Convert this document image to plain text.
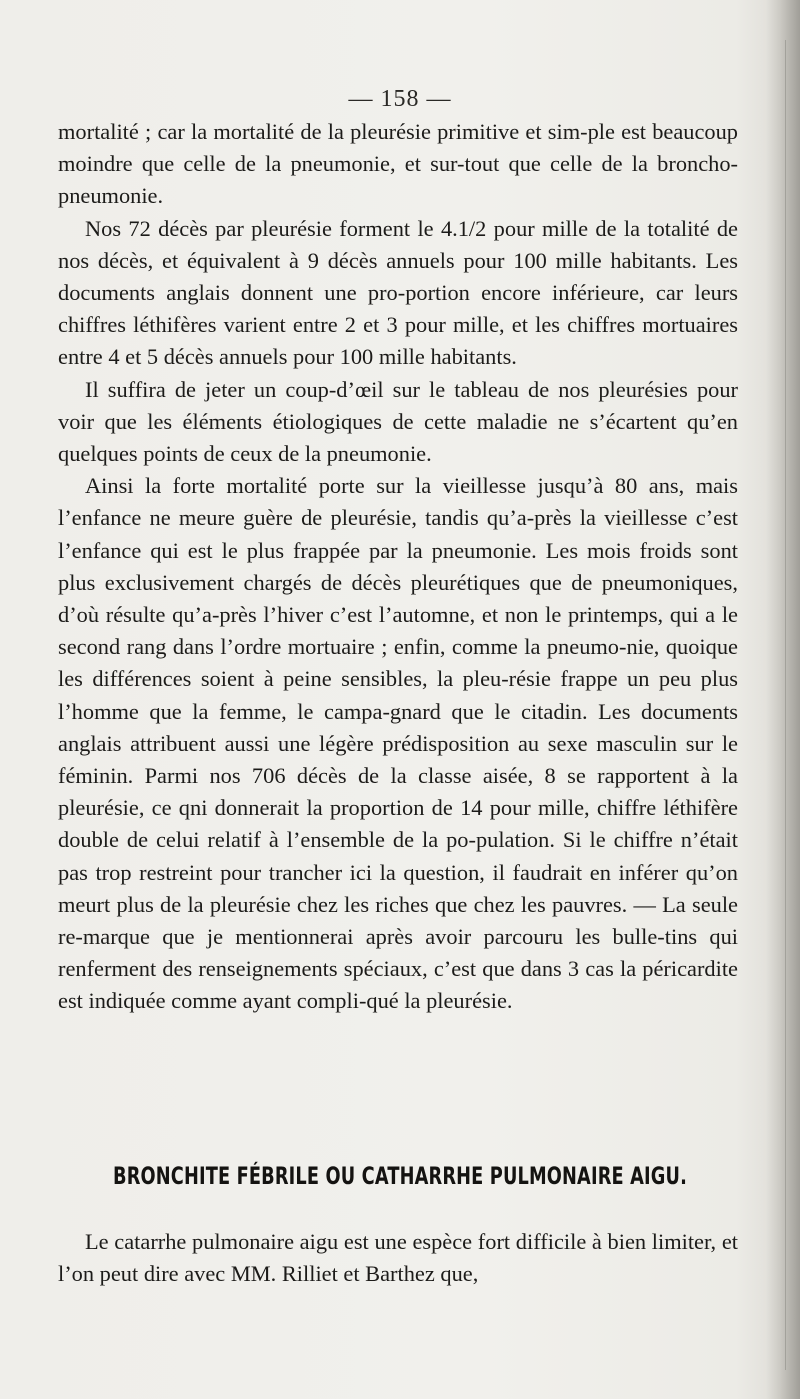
— 158 —

mortalité ; car la mortalité de la pleurésie primitive et sim-ple est beaucoup moindre que celle de la pneumonie, et sur-tout que celle de la broncho-pneumonie.

Nos 72 décès par pleurésie forment le 4.1/2 pour mille de la totalité de nos décès, et équivalent à 9 décès annuels pour 100 mille habitants. Les documents anglais donnent une pro-portion encore inférieure, car leurs chiffres léthifères varient entre 2 et 3 pour mille, et les chiffres mortuaires entre 4 et 5 décès annuels pour 100 mille habitants.

Il suffira de jeter un coup-d’œil sur le tableau de nos pleurésies pour voir que les éléments étiologiques de cette maladie ne s’écartent qu’en quelques points de ceux de la pneumonie.

Ainsi la forte mortalité porte sur la vieillesse jusqu’à 80 ans, mais l’enfance ne meure guère de pleurésie, tandis qu’a-près la vieillesse c’est l’enfance qui est le plus frappée par la pneumonie. Les mois froids sont plus exclusivement chargés de décès pleurétiques que de pneumoniques, d’où résulte qu’a-près l’hiver c’est l’automne, et non le printemps, qui a le second rang dans l’ordre mortuaire ; enfin, comme la pneumo-nie, quoique les différences soient à peine sensibles, la pleu-résie frappe un peu plus l’homme que la femme, le campa-gnard que le citadin. Les documents anglais attribuent aussi une légère prédisposition au sexe masculin sur le féminin. Parmi nos 706 décès de la classe aisée, 8 se rapportent à la pleurésie, ce qni donnerait la proportion de 14 pour mille, chiffre léthifère double de celui relatif à l’ensemble de la po-pulation. Si le chiffre n’était pas trop restreint pour trancher ici la question, il faudrait en inférer qu’on meurt plus de la pleurésie chez les riches que chez les pauvres. — La seule re-marque que je mentionnerai après avoir parcouru les bulle-tins qui renferment des renseignements spéciaux, c’est que dans 3 cas la péricardite est indiquée comme ayant compli-qué la pleurésie.

BRONCHITE FÉBRILE OU CATHARRHE PULMONAIRE AIGU.

Le catarrhe pulmonaire aigu est une espèce fort difficile à bien limiter, et l’on peut dire avec MM. Rilliet et Barthez que,
